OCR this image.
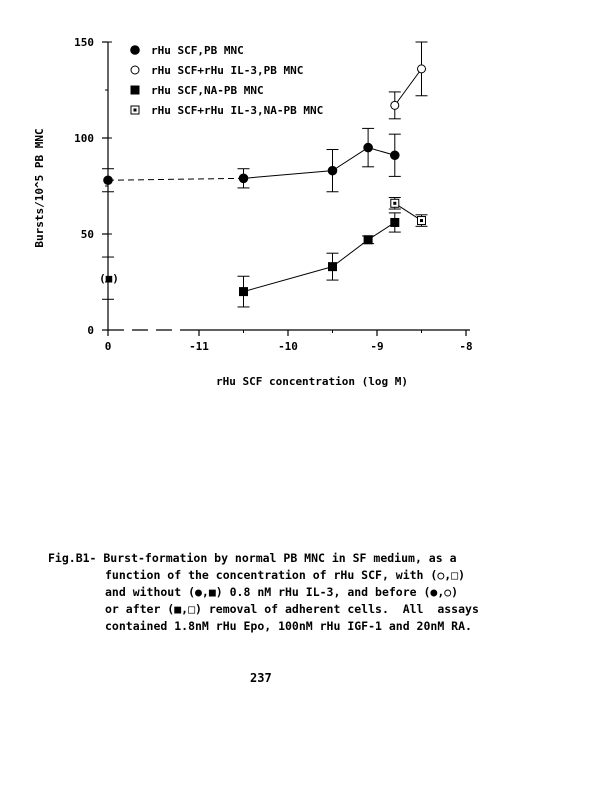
(■)
0
50
100
150
0	-11	-10	-9	-8
rHu SCF,PB MNC
rHu SCF+rHu IL-3,PB MNC
rHu SCF,NA-PB MNC
rHu SCF+rHu IL-3,NA-PB MNC
Bursts/10^5 PB MNC
rHu SCF concentration (log M)
Fig.B1- Burst-formation by normal PB MNC in SF medium, as a
function of the concentration of rHu SCF, with (○,□)
and without (●,■) 0.8 nM rHu IL-3, and before (●,○)
or after (■,□) removal of adherent cells.  All  assays
contained 1.8nM rHu Epo, 100nM rHu IGF-1 and 20nM RA.
237
